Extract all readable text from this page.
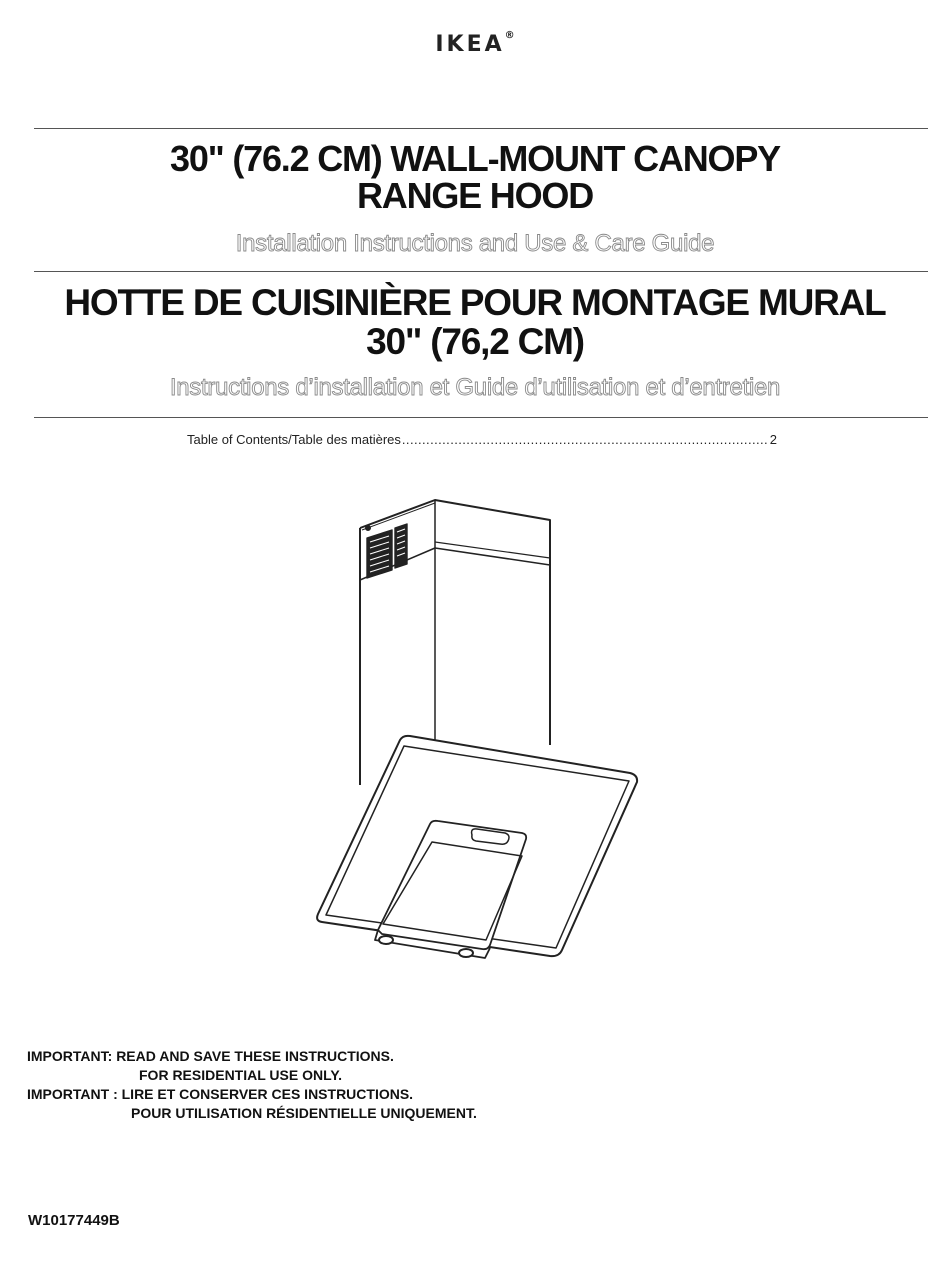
IKEA®
30" (76.2 CM) WALL-MOUNT CANOPY
RANGE HOOD
Installation Instructions and Use & Care Guide
HOTTE DE CUISINIÈRE POUR MONTAGE MURAL
30" (76,2 CM)
Instructions d’installation et Guide d’utilisation et d’entretien
Table of Contents/Table des matières
. . .	2
IMPORTANT: READ AND SAVE THESE INSTRUCTIONS.
FOR RESIDENTIAL USE ONLY.
IMPORTANT : LIRE ET CONSERVER CES INSTRUCTIONS.
POUR UTILISATION RÉSIDENTIELLE UNIQUEMENT.
W10177449B
